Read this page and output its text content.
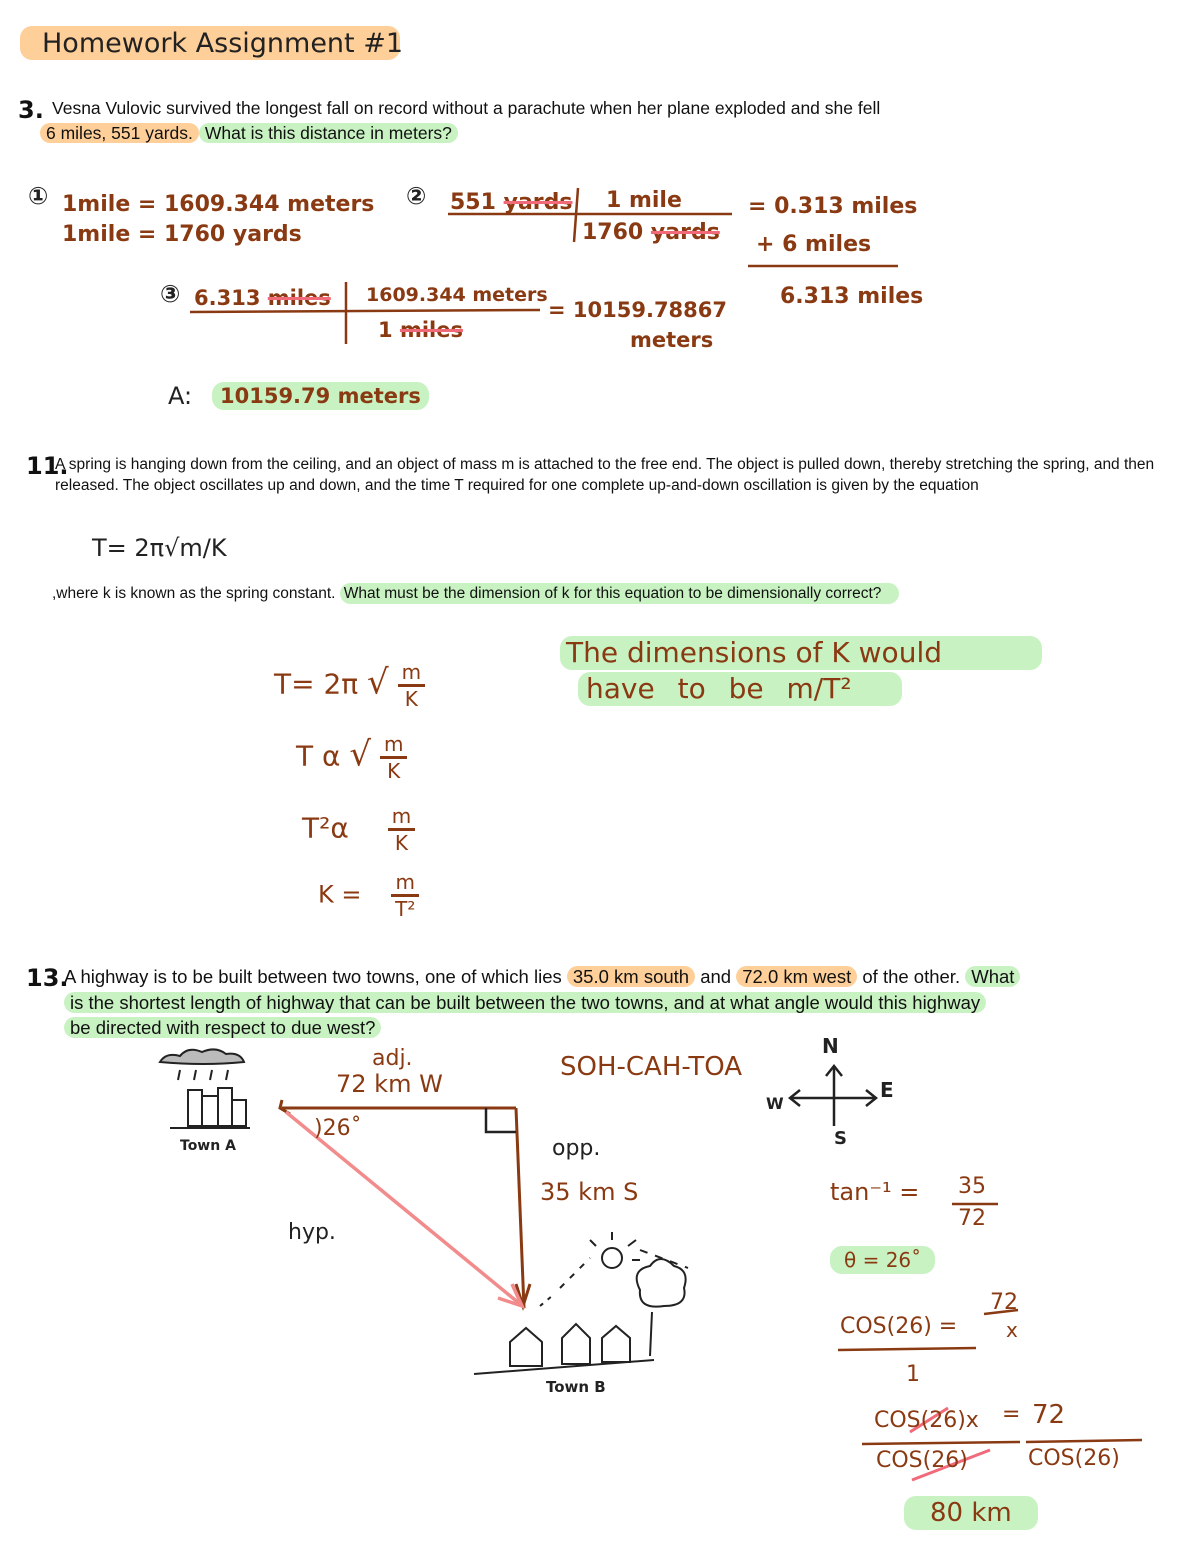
Homework Assignment #1
3. Vesna Vulovic survived the longest fall on record without a parachute when her plane exploded and she fell
6 miles, 551 yards. What is this distance in meters?
① 1mile = 1609.344 meters
1mile = 1760 yards
② 551 yards 1 mile
1760 yards
= 0.313 miles
+ 6 miles
6.313 miles
③ 6.313 miles 1609.344 meters
1 miles
= 10159.78867
meters
A:	10159.79 meters
11.
A spring is hanging down from the ceiling, and an object of mass m is attached to the free end. The object is pulled down, thereby stretching the spring, and then released. The object oscillates up and down, and the time T required for one complete up-and-down oscillation is given by the equation
T= 2π√m/K
,where k is known as the spring constant. What must be the dimension of k for this equation to be dimensionally correct?
T= 2π √ $\frac{m}{K}$
T α √ $\frac{m}{K}$
$T^2\alpha \frac{m}{K}$
$K = \frac{m}{\text{T²}}$
The dimensions of K would
have to be m/T²
13.
A highway is to be built between two towns, one of which lies 35.0 km south and 72.0 km west of the other. What
is the shortest length of highway that can be built between the two towns, and at what angle would this highway
be directed with respect to due west?
adj.
72 km W
)26˚
opp.
35 km S
hyp.
Town A
Town B
SOH-CAH-TOA
N
S
E
W
tan⁻¹ = 35
72
θ = 26˚
COS(26) =
72
x
1
COS(26)x = 72
COS(26)	COS(26)
80 km
